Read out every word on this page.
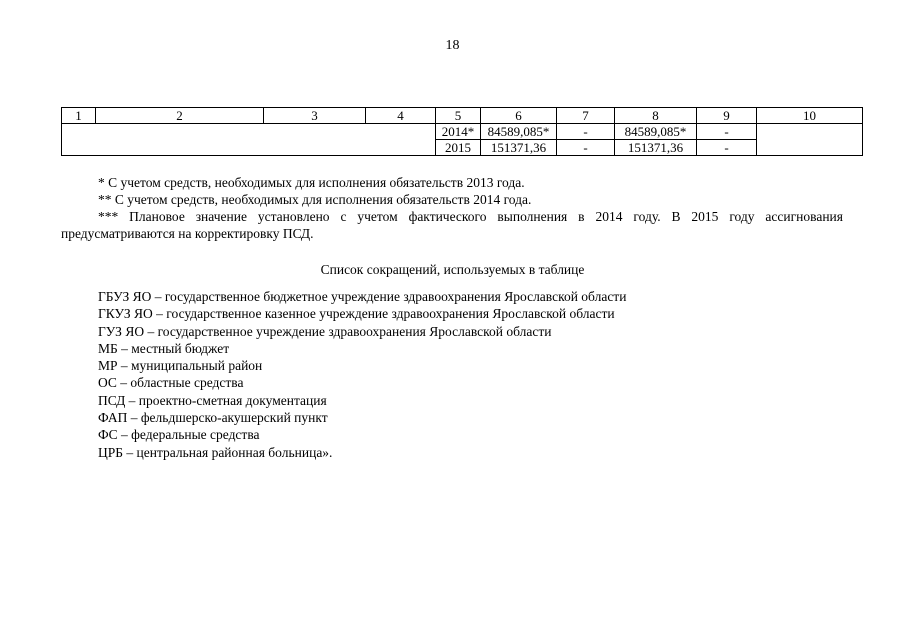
18
1	2	3	4	5	6	7	8	9	10
				2014*	84589,085*	-	84589,085*	-	
				2015	151371,36	-	151371,36	-	

* С учетом средств, необходимых для исполнения обязательств 2013 года.

** С учетом средств, необходимых для исполнения обязательств 2014 года.

*** Плановое значение установлено с учетом фактического выполнения в 2014 году. В 2015 году ассигнования предусматриваются на корректировку ПСД.

Список сокращений, используемых в таблице
ГБУЗ ЯО – государственное бюджетное учреждение здравоохранения Ярославской области
ГКУЗ ЯО – государственное казенное учреждение здравоохранения Ярославской области
ГУЗ ЯО – государственное учреждение здравоохранения Ярославской области
МБ – местный бюджет
МР – муниципальный район
ОС – областные средства
ПСД – проектно-сметная документация
ФАП – фельдшерско-акушерский пункт
ФС – федеральные средства
ЦРБ – центральная районная больница».
